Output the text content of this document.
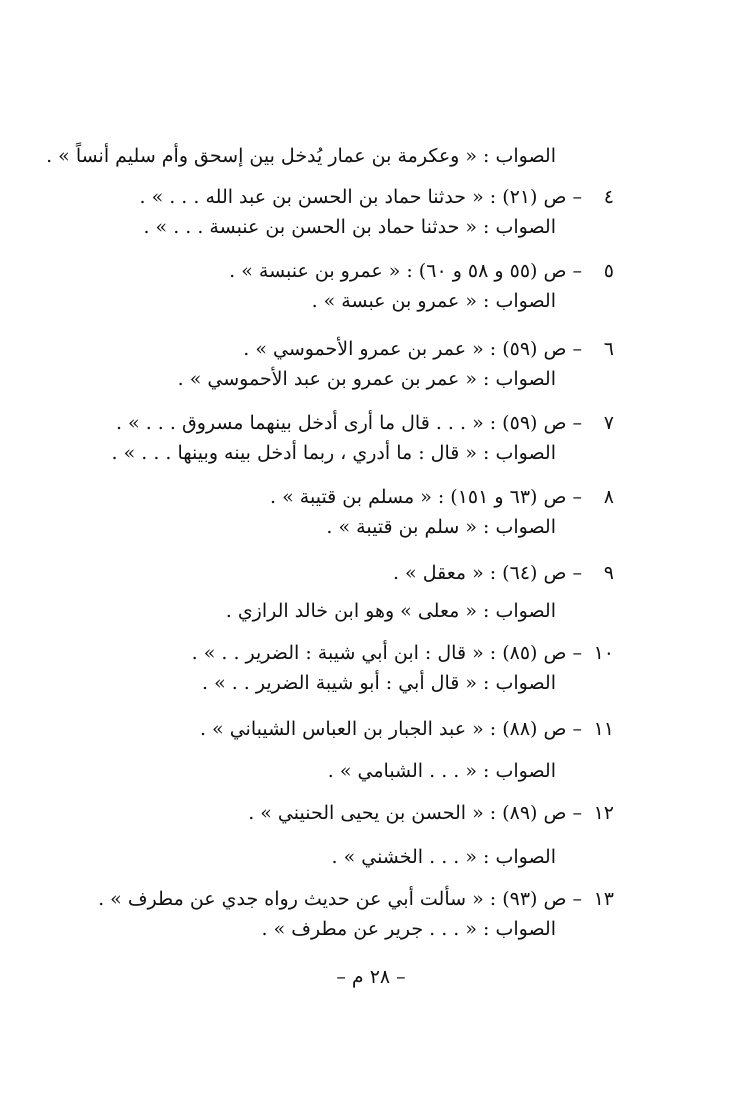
الصواب : « وعكرمة بن عمار يُدخل بين إسحق وأم سليم أنساً » .
٤
– ص (٢١) : « حدثنا حماد بن الحسن بن عبد الله . . . » .
الصواب : « حدثنا حماد بن الحسن بن عنبسة . . . » .
٥
– ص (٥٥ و ٥٨ و ٦٠) : « عمرو بن عنبسة » .
الصواب : « عمرو بن عبسة » .
٦
– ص (٥٩) : « عمر بن عمرو الأحموسي » .
الصواب : « عمر بن عمرو بن عبد الأحموسي » .
٧
– ص (٥٩) : « . . . قال ما أرى أدخل بينهما مسروق . . . » .
الصواب : « قال : ما أدري ، ربما أدخل بينه وبينها . . . » .
٨
– ص (٦٣ و ١٥١) : « مسلم بن قتيبة » .
الصواب : « سلم بن قتيبة » .
٩
– ص (٦٤) : « معقل » .
الصواب : « معلى » وهو ابن خالد الرازي .
١٠
– ص (٨٥) : « قال : ابن أبي شيبة : الضرير . . » .
الصواب : « قال أبي : أبو شيبة الضرير . . » .
١١
– ص (٨٨) : « عبد الجبار بن العباس الشيباني » .
الصواب : « . . . الشبامي » .
١٢
– ص (٨٩) : « الحسن بن يحيى الحنيني » .
الصواب : « . . . الخشني » .
١٣
– ص (٩٣) : « سألت أبي عن حديث رواه جدي عن مطرف » .
الصواب : « . . . جرير عن مطرف » .
– ٢٨ م –
